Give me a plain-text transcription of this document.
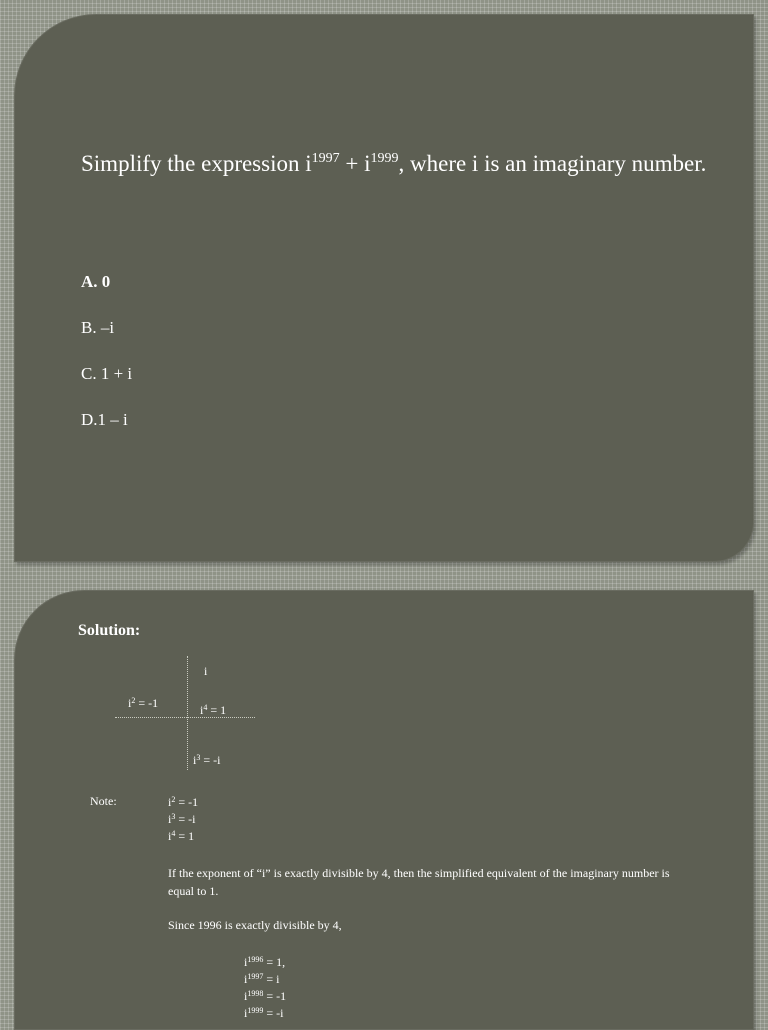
Simplify the expression $i^{1997} + i^{1999}$, where i is an imaginary number.
A. 0
B. –i
C. 1 + i
D.1 – i
Solution:
i
$i^2 = -1$	$i^4 = 1$
$i^3 = -i$
Note:	$i^2 = -1$
$i^3 = -i$
$i^4 = 1$
If the exponent of “i” is exactly divisible by 4, then the simplified equivalent of the imaginary number is equal to 1.
Since 1996 is exactly divisible by 4,
$i^{1996} = 1$,
$i^{1997} = i$
$i^{1998} = -1$
$i^{1999} = -i$
